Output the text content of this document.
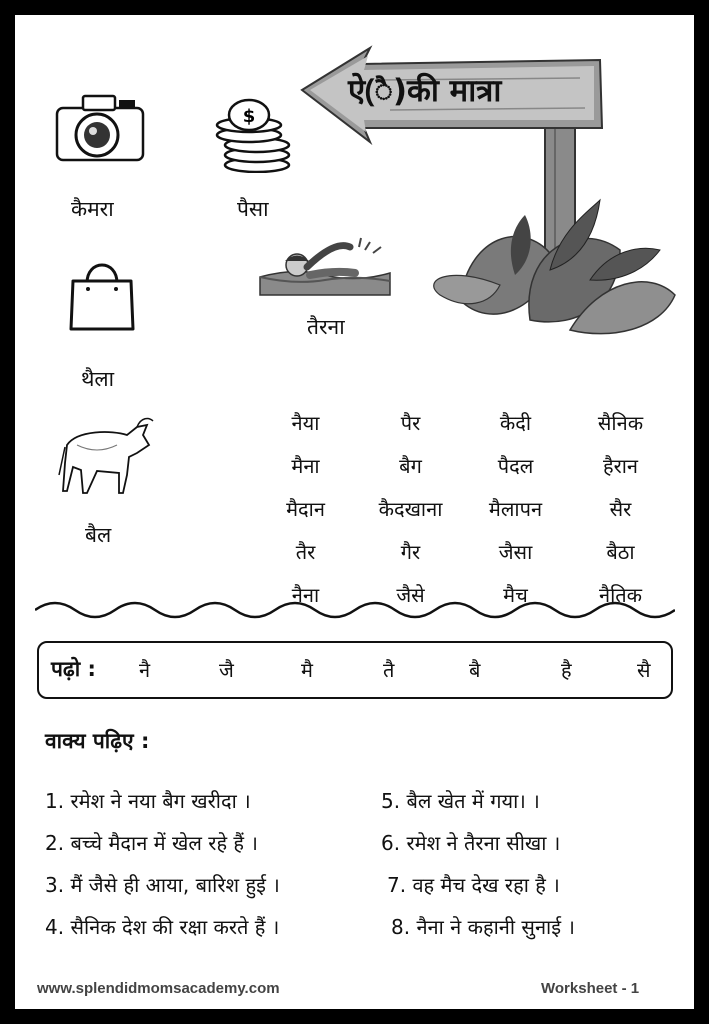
ऐ()की मात्रा
कैमरा
$
पैसा
तैरना
थैला
बैल
नैया	पैर	कैदी	सैनिक
मैना	बैग	पैदल	हैरान
मैदान	कैदखाना	मैलापन	सैर
तैर	गैर	जैसा	बैठा
नैना	जैसे	मैच	नैतिक
पढ़ो : नै	जै	मै	तै	बै	है	सै
वाक्य पढ़िए :
1. रमेश ने नया बैग खरीदा ।
2. बच्चे मैदान में खेल रहे हैं ।
3. मैं जैसे ही आया, बारिश हुई ।
4. सैनिक देश की रक्षा करते हैं ।
5. बैल खेत में गया। ।
6. रमेश ने तैरना सीखा ।
7. वह मैच देख रहा है ।
8. नैना ने कहानी सुनाई ।
www.splendidmomsacademy.com	Worksheet - 1
